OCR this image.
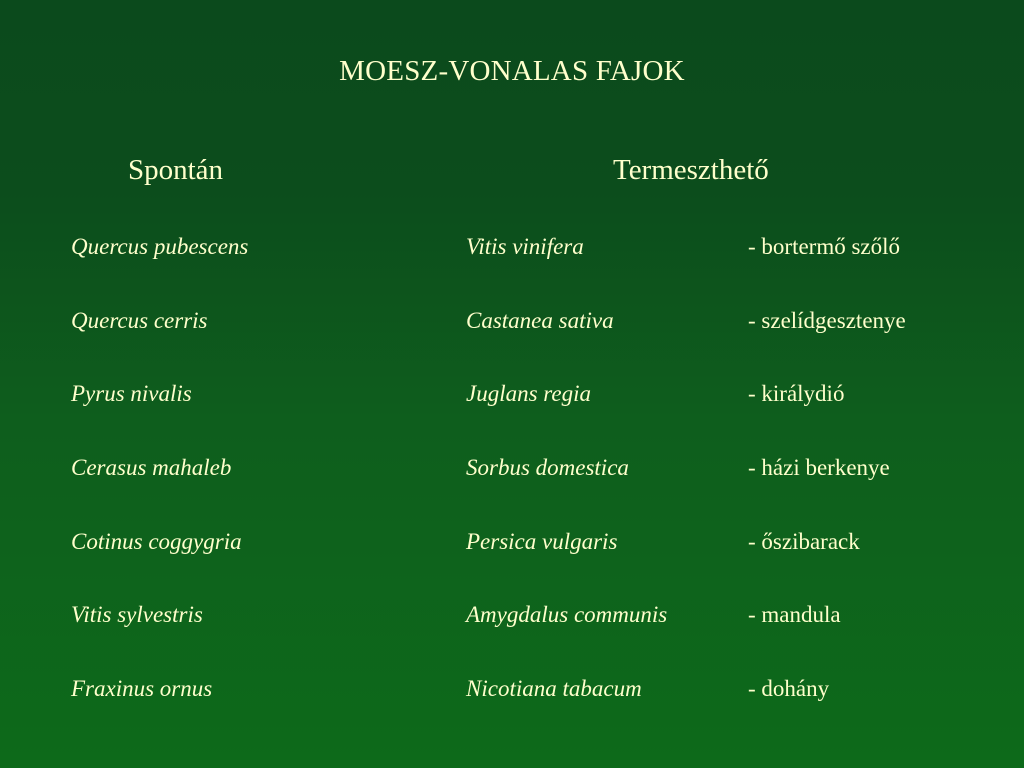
MOESZ-VONALAS FAJOK
Spontán	Termeszthető
Quercus pubescens	Vitis vinifera	- bortermő szőlő
Quercus cerris	Castanea sativa	- szelídgesztenye
Pyrus nivalis	Juglans regia	- királydió
Cerasus mahaleb	Sorbus domestica	- házi berkenye
Cotinus coggygria	Persica vulgaris	- őszibarack
Vitis sylvestris	Amygdalus communis	- mandula
Fraxinus ornus	Nicotiana tabacum	- dohány
